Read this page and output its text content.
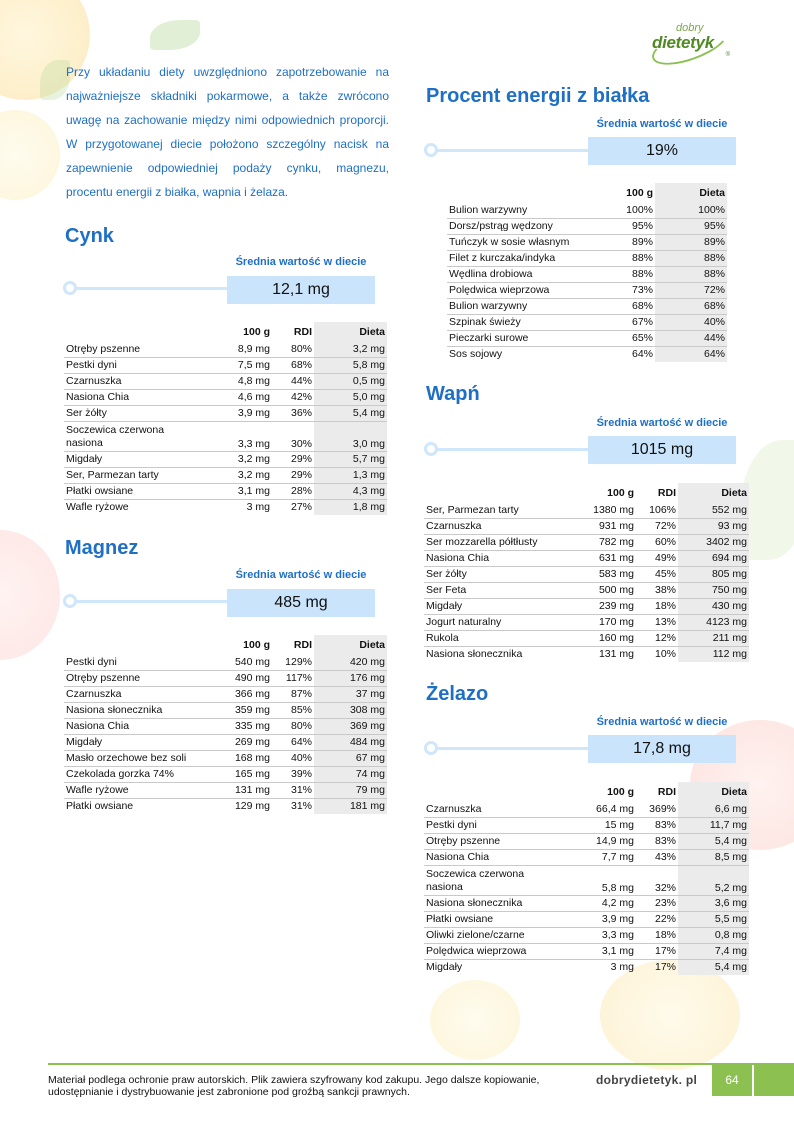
dobry
dietetyk
®

Przy układaniu diety uwzględniono zapotrzebowanie na najważniejsze składniki pokarmowe, a także zwrócono uwagę na zachowanie między nimi odpowiednich proporcji. W przygotowanej diecie położono szczególny nacisk na zapewnienie odpowiedniej podaży cynku, magnezu, procentu energii z białka, wapnia i żelaza.

Cynk
Średnia wartość w diecie
12,1 mg
	100 g	RDI	Dieta
Otręby pszenne	8,9 mg	80%	3,2 mg
Pestki dyni	7,5 mg	68%	5,8 mg
Czarnuszka	4,8 mg	44%	0,5 mg
Nasiona Chia	4,6 mg	42%	5,0 mg
Ser żółty	3,9 mg	36%	5,4 mg

Soczewica czerwona
nasiona	3,3 mg	30%	3,0 mg
Migdały	3,2 mg	29%	5,7 mg
Ser, Parmezan tarty	3,2 mg	29%	1,3 mg
Płatki owsiane	3,1 mg	28%	4,3 mg
Wafle ryżowe	3 mg	27%	1,8 mg
Magnez
Średnia wartość w diecie
485 mg
	100 g	RDI	Dieta
Pestki dyni	540 mg	129%	420 mg
Otręby pszenne	490 mg	117%	176 mg
Czarnuszka	366 mg	87%	37 mg
Nasiona słonecznika	359 mg	85%	308 mg
Nasiona Chia	335 mg	80%	369 mg
Migdały	269 mg	64%	484 mg
Masło orzechowe bez soli	168 mg	40%	67 mg
Czekolada gorzka 74%	165 mg	39%	74 mg
Wafle ryżowe	131 mg	31%	79 mg
Płatki owsiane	129 mg	31%	181 mg
Procent energii z białka
Średnia wartość w diecie
19%
	100 g	Dieta
Bulion warzywny	100%	100%
Dorsz/pstrąg wędzony	95%	95%
Tuńczyk w sosie własnym	89%	89%
Filet z kurczaka/indyka	88%	88%
Wędlina drobiowa	88%	88%
Polędwica wieprzowa	73%	72%
Bulion warzywny	68%	68%
Szpinak świeży	67%	40%
Pieczarki surowe	65%	44%
Sos sojowy	64%	64%
Wapń
Średnia wartość w diecie
1015 mg
	100 g	RDI	Dieta
Ser, Parmezan tarty	1380 mg	106%	552 mg
Czarnuszka	931 mg	72%	93 mg
Ser mozzarella półtłusty	782 mg	60%	3402 mg
Nasiona Chia	631 mg	49%	694 mg
Ser żółty	583 mg	45%	805 mg
Ser Feta	500 mg	38%	750 mg
Migdały	239 mg	18%	430 mg
Jogurt naturalny	170 mg	13%	4123 mg
Rukola	160 mg	12%	211 mg
Nasiona słonecznika	131 mg	10%	112 mg
Żelazo
Średnia wartość w diecie
17,8 mg
	100 g	RDI	Dieta
Czarnuszka	66,4 mg	369%	6,6 mg
Pestki dyni	15 mg	83%	11,7 mg
Otręby pszenne	14,9 mg	83%	5,4 mg
Nasiona Chia	7,7 mg	43%	8,5 mg

Soczewica czerwona
nasiona	5,8 mg	32%	5,2 mg
Nasiona słonecznika	4,2 mg	23%	3,6 mg
Płatki owsiane	3,9 mg	22%	5,5 mg
Oliwki zielone/czarne	3,3 mg	18%	0,8 mg
Polędwica wieprzowa	3,1 mg	17%	7,4 mg
Migdały	3 mg	17%	5,4 mg
Materiał podlega ochronie praw autorskich. Plik zawiera szyfrowany kod zakupu. Jego dalsze kopiowanie, udostępnianie i dystrybuowanie jest zabronione pod groźbą sankcji prawnych.
dobrydietetyk. pl	64
